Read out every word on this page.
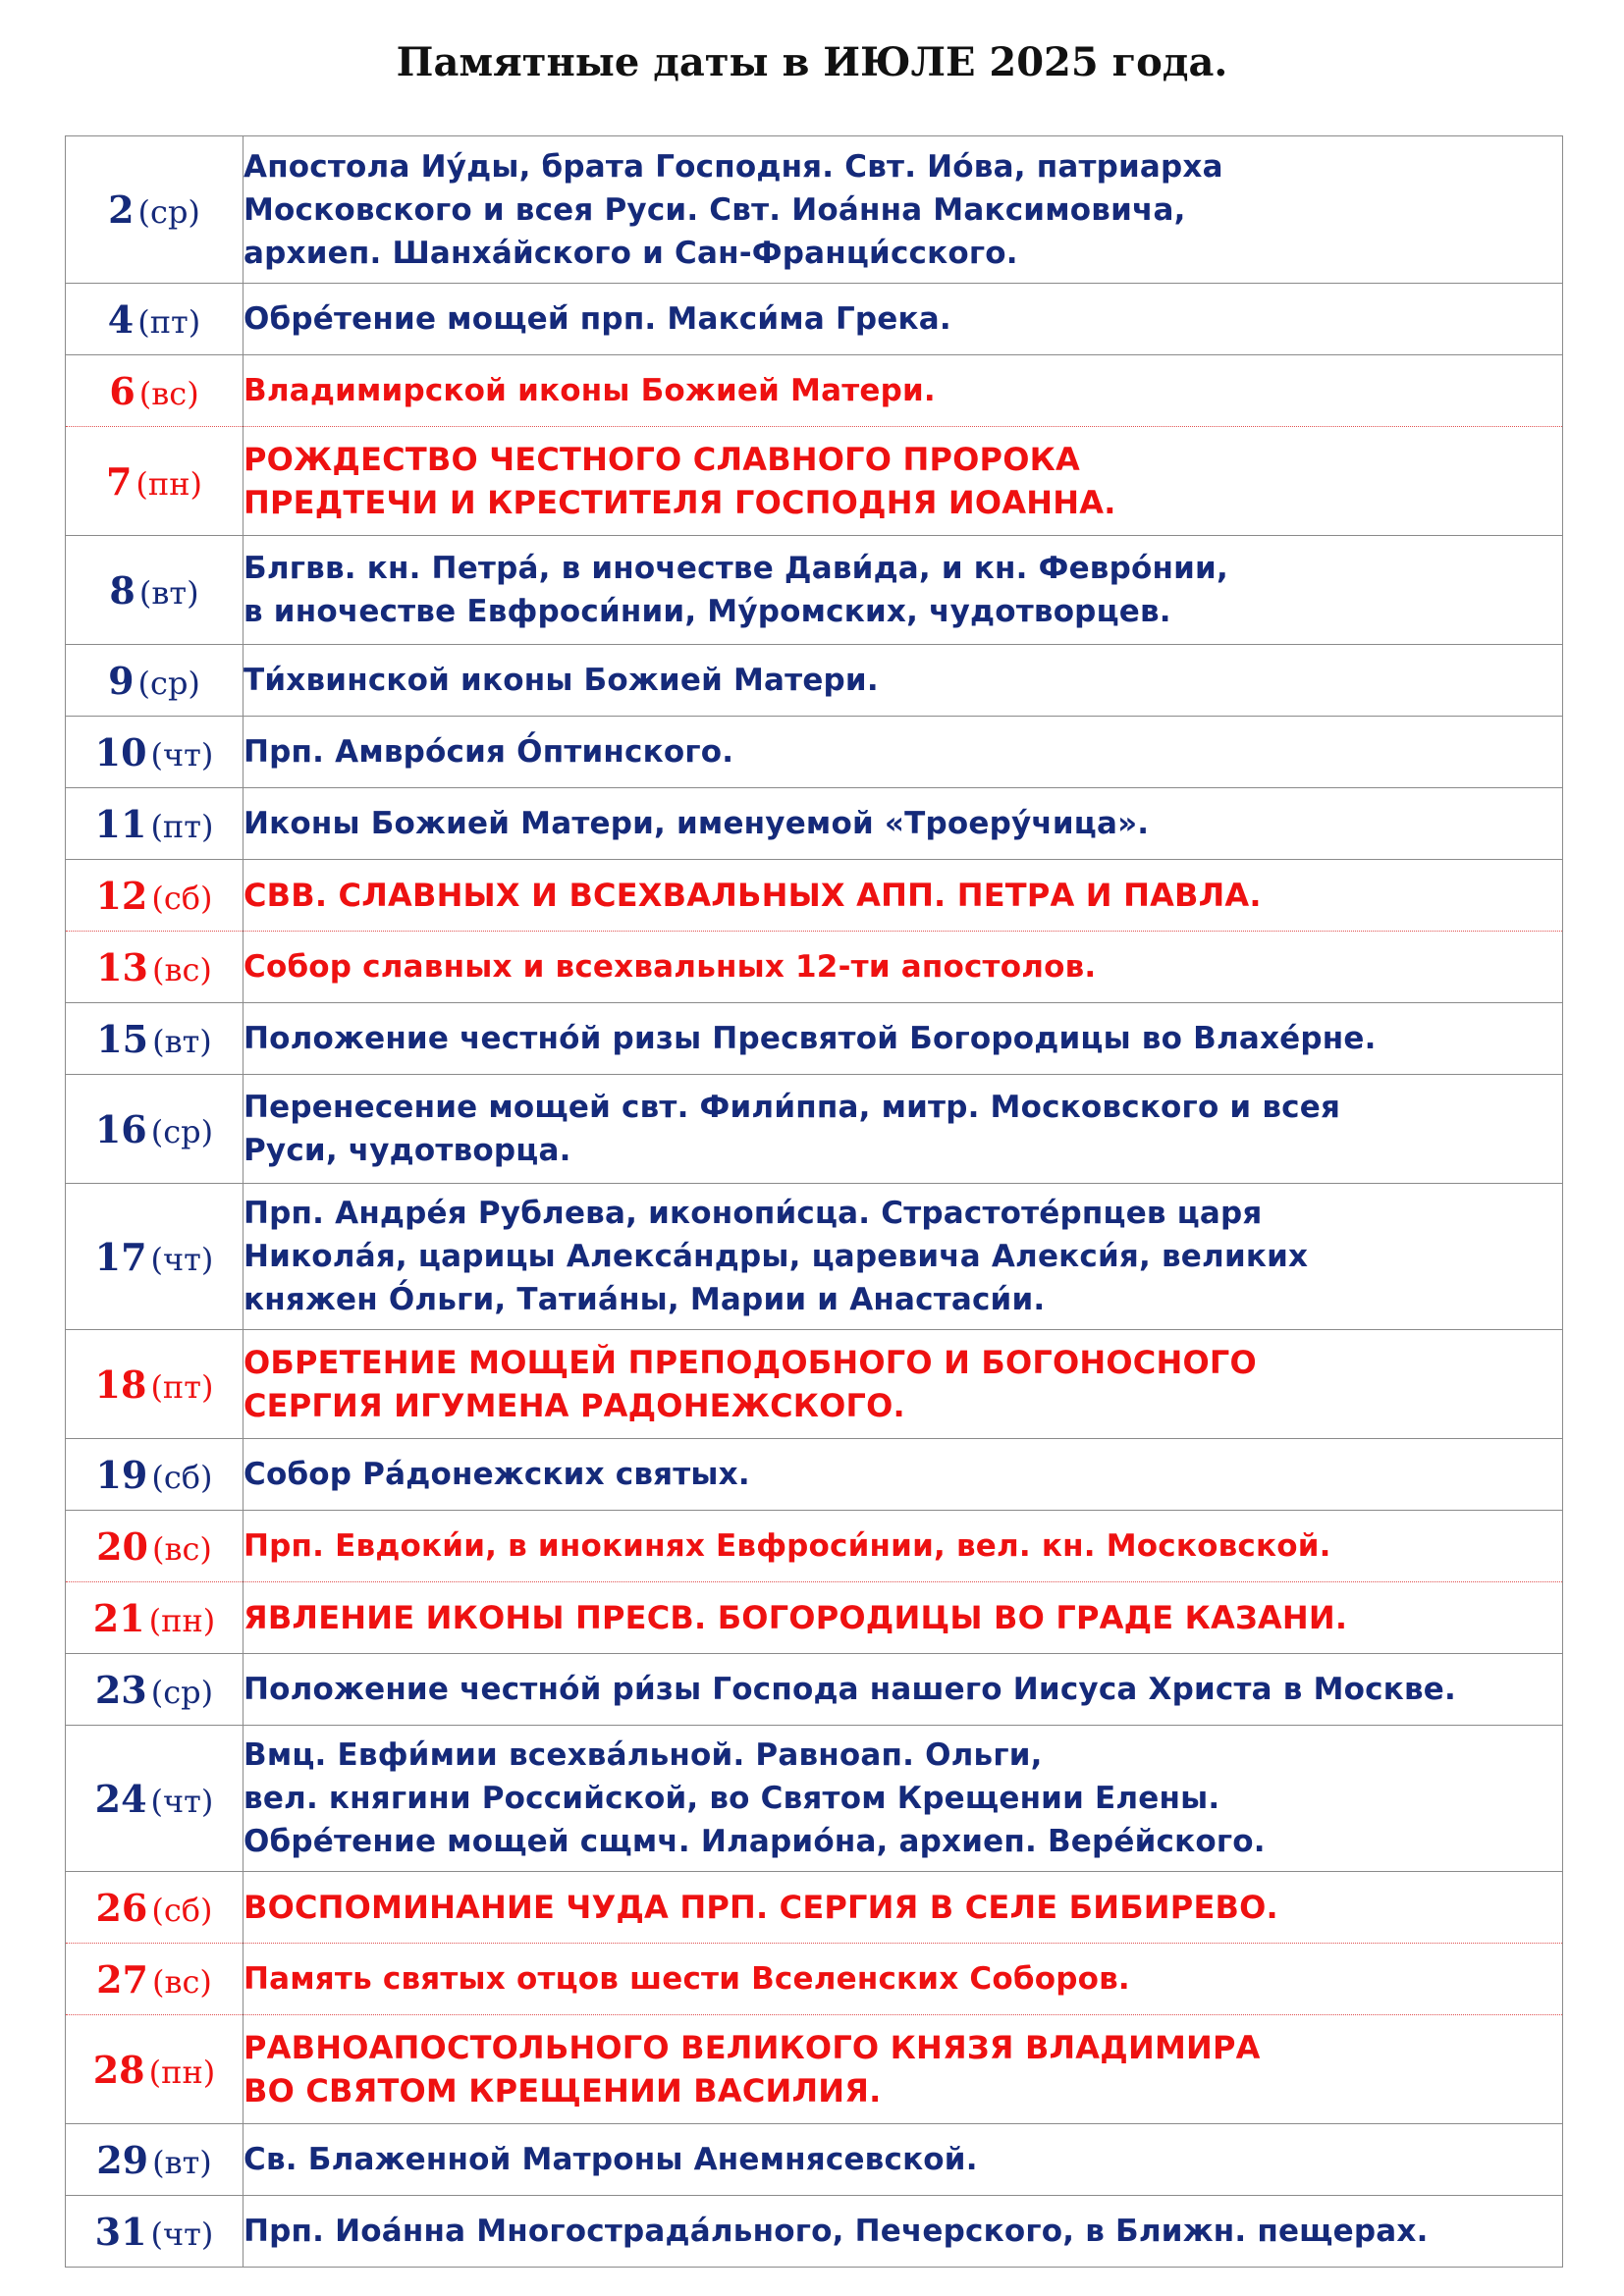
Памятные даты в ИЮЛЕ 2025 года.
2 (ср)	Апостола Иу́ды, брата Господня. Свт. Ио́ва, патриарха
Московского и всея Руси. Свт. Иоа́нна Максимовича,
архиеп. Шанха́йского и Сан-Франци́сского.
4 (пт)	Обре́тение мощей́ прп. Макси́ма Грека.
6 (вс)	Владимирской иконы Божией Матери.
7 (пн)	РОЖДЕСТВО ЧЕСТНОГО СЛАВНОГО ПРОРОКА
ПРЕДТЕЧИ И КРЕСТИТЕЛЯ ГОСПОДНЯ ИОАННА.
8 (вт)	Блгвв. кн. Петра́, в иночестве Дави́да, и кн. Февро́нии,
в иночестве Евфроси́нии, Му́ромских, чудотворцев.
9 (ср)	Ти́хвинской иконы Божией Матери.
10 (чт)	Прп. Амвро́сия О́птинского.
11 (пт)	Иконы Божией Матери, именуемой «Троеру́чица».
12 (сб)	СВВ. СЛАВНЫХ И ВСЕХВАЛЬНЫХ АПП. ПЕТРА И ПАВЛА.
13 (вс)	Собор славных и всехвальных 12-ти апостолов.
15 (вт)	Положение честно́й ризы Пресвятой Богородицы во Влахе́рне.
16 (ср)	Перенесение мощей свт. Фили́ппа, митр. Московского и всея
Руси, чудотворца.
17 (чт)	Прп. Андре́я Рублева, иконопи́сца. Страстоте́рпцев царя
Никола́я, царицы Алекса́ндры, царевича Алекси́я, великих
княжен О́льги, Татиа́ны, Марии и Анастаси́и.
18 (пт)	ОБРЕТЕНИЕ МОЩЕЙ ПРЕПОДОБНОГО И БОГОНОСНОГО
СЕРГИЯ ИГУМЕНА РАДОНЕЖСКОГО.
19 (сб)	Собор Ра́донежских святых.
20 (вс)	Прп. Евдоки́и, в инокинях Евфроси́нии, вел. кн. Московской.
21 (пн)	ЯВЛЕНИЕ ИКОНЫ ПРЕСВ. БОГОРОДИЦЫ ВО ГРАДЕ КАЗАНИ.
23 (ср)	Положение честно́й ри́зы Господа нашего Иисуса Христа в Москве.
24 (чт)	Вмц. Евфи́мии всехва́льной. Равноап. Ольги,
вел. княгини Российской, во Святом Крещении Елены.
Обре́тение мощей сщмч. Иларио́на, архиеп. Вере́йского.
26 (сб)	ВОСПОМИНАНИЕ ЧУДА ПРП. СЕРГИЯ В СЕЛЕ БИБИРЕВО.
27 (вс)	Память святых отцов шести Вселенских Соборов.
28 (пн)	РАВНОАПОСТОЛЬНОГО ВЕЛИКОГО КНЯЗЯ ВЛАДИМИРА
ВО СВЯТОМ КРЕЩЕНИИ ВАСИЛИЯ.
29 (вт)	Св. Блаженной Матроны Анемнясевской.
31 (чт)	Прп. Иоа́нна Многострада́льного, Печерского, в Ближн. пещерах.
